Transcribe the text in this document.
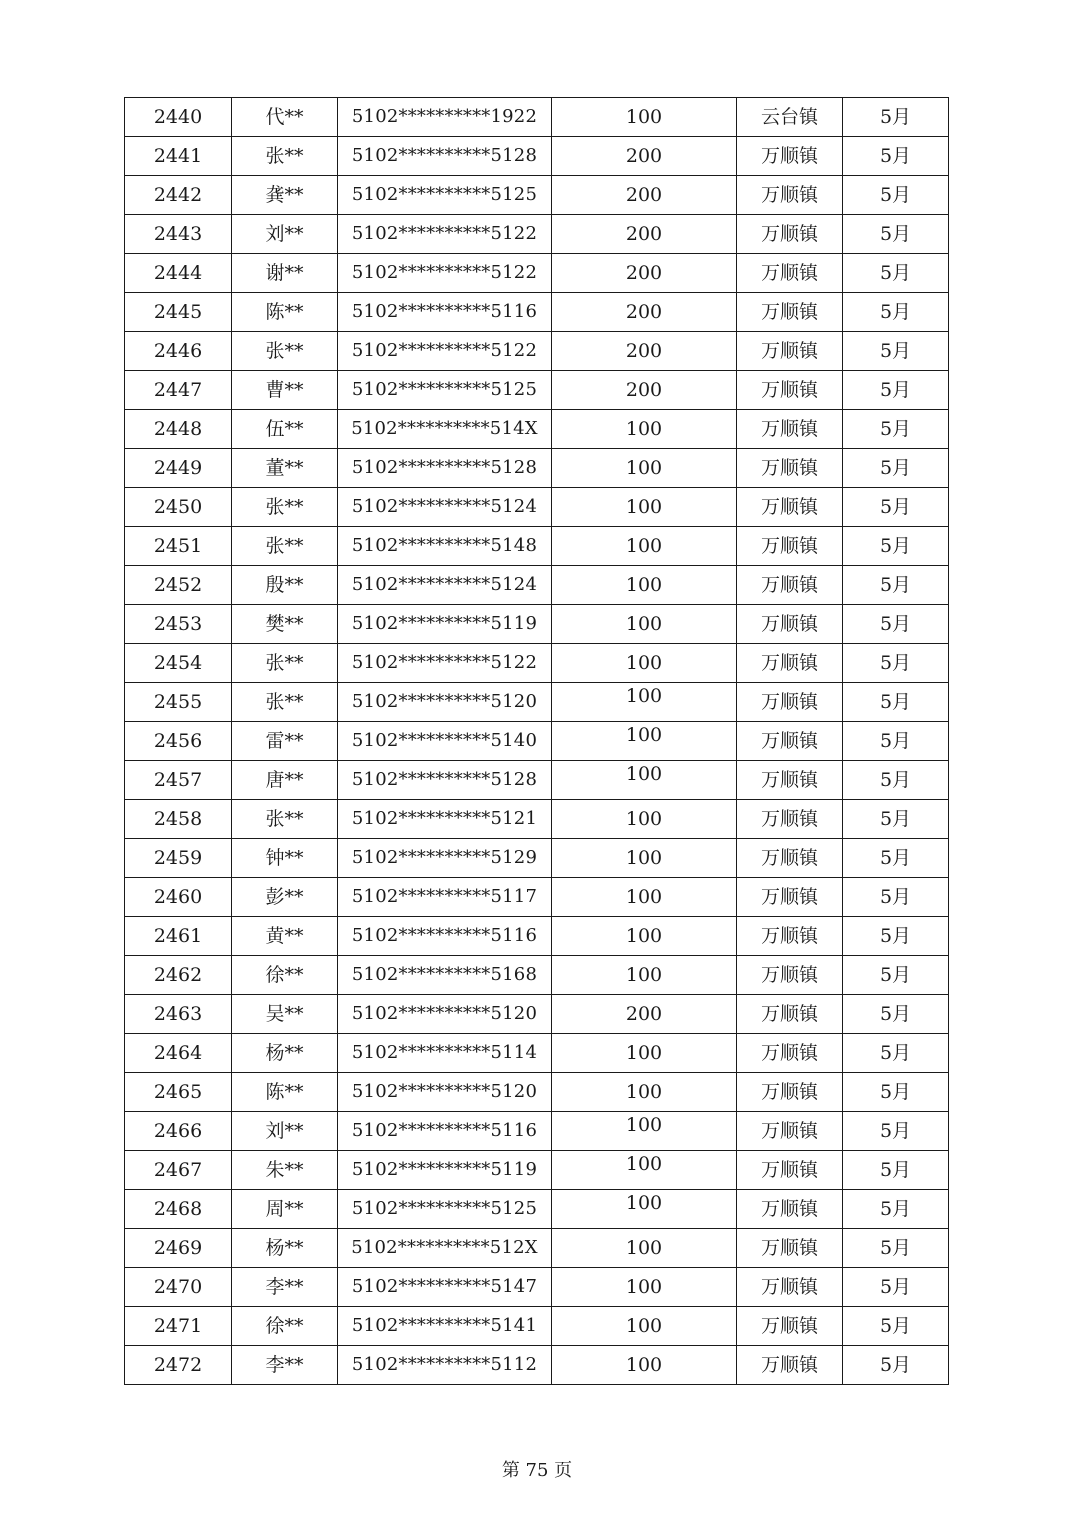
2440	代**	5102**********1922	100	云台镇	5月
2441	张**	5102**********5128	200	万顺镇	5月
2442	龚**	5102**********5125	200	万顺镇	5月
2443	刘**	5102**********5122	200	万顺镇	5月
2444	谢**	5102**********5122	200	万顺镇	5月
2445	陈**	5102**********5116	200	万顺镇	5月
2446	张**	5102**********5122	200	万顺镇	5月
2447	曹**	5102**********5125	200	万顺镇	5月
2448	伍**	5102**********514X	100	万顺镇	5月
2449	董**	5102**********5128	100	万顺镇	5月
2450	张**	5102**********5124	100	万顺镇	5月
2451	张**	5102**********5148	100	万顺镇	5月
2452	殷**	5102**********5124	100	万顺镇	5月
2453	樊**	5102**********5119	100	万顺镇	5月
2454	张**	5102**********5122	100	万顺镇	5月
2455	张**	5102**********5120	100	万顺镇	5月
2456	雷**	5102**********5140	100	万顺镇	5月
2457	唐**	5102**********5128	100	万顺镇	5月
2458	张**	5102**********5121	100	万顺镇	5月
2459	钟**	5102**********5129	100	万顺镇	5月
2460	彭**	5102**********5117	100	万顺镇	5月
2461	黄**	5102**********5116	100	万顺镇	5月
2462	徐**	5102**********5168	100	万顺镇	5月
2463	吴**	5102**********5120	200	万顺镇	5月
2464	杨**	5102**********5114	100	万顺镇	5月
2465	陈**	5102**********5120	100	万顺镇	5月
2466	刘**	5102**********5116	100	万顺镇	5月
2467	朱**	5102**********5119	100	万顺镇	5月
2468	周**	5102**********5125	100	万顺镇	5月
2469	杨**	5102**********512X	100	万顺镇	5月
2470	李**	5102**********5147	100	万顺镇	5月
2471	徐**	5102**********5141	100	万顺镇	5月
2472	李**	5102**********5112	100	万顺镇	5月
第 75 页
